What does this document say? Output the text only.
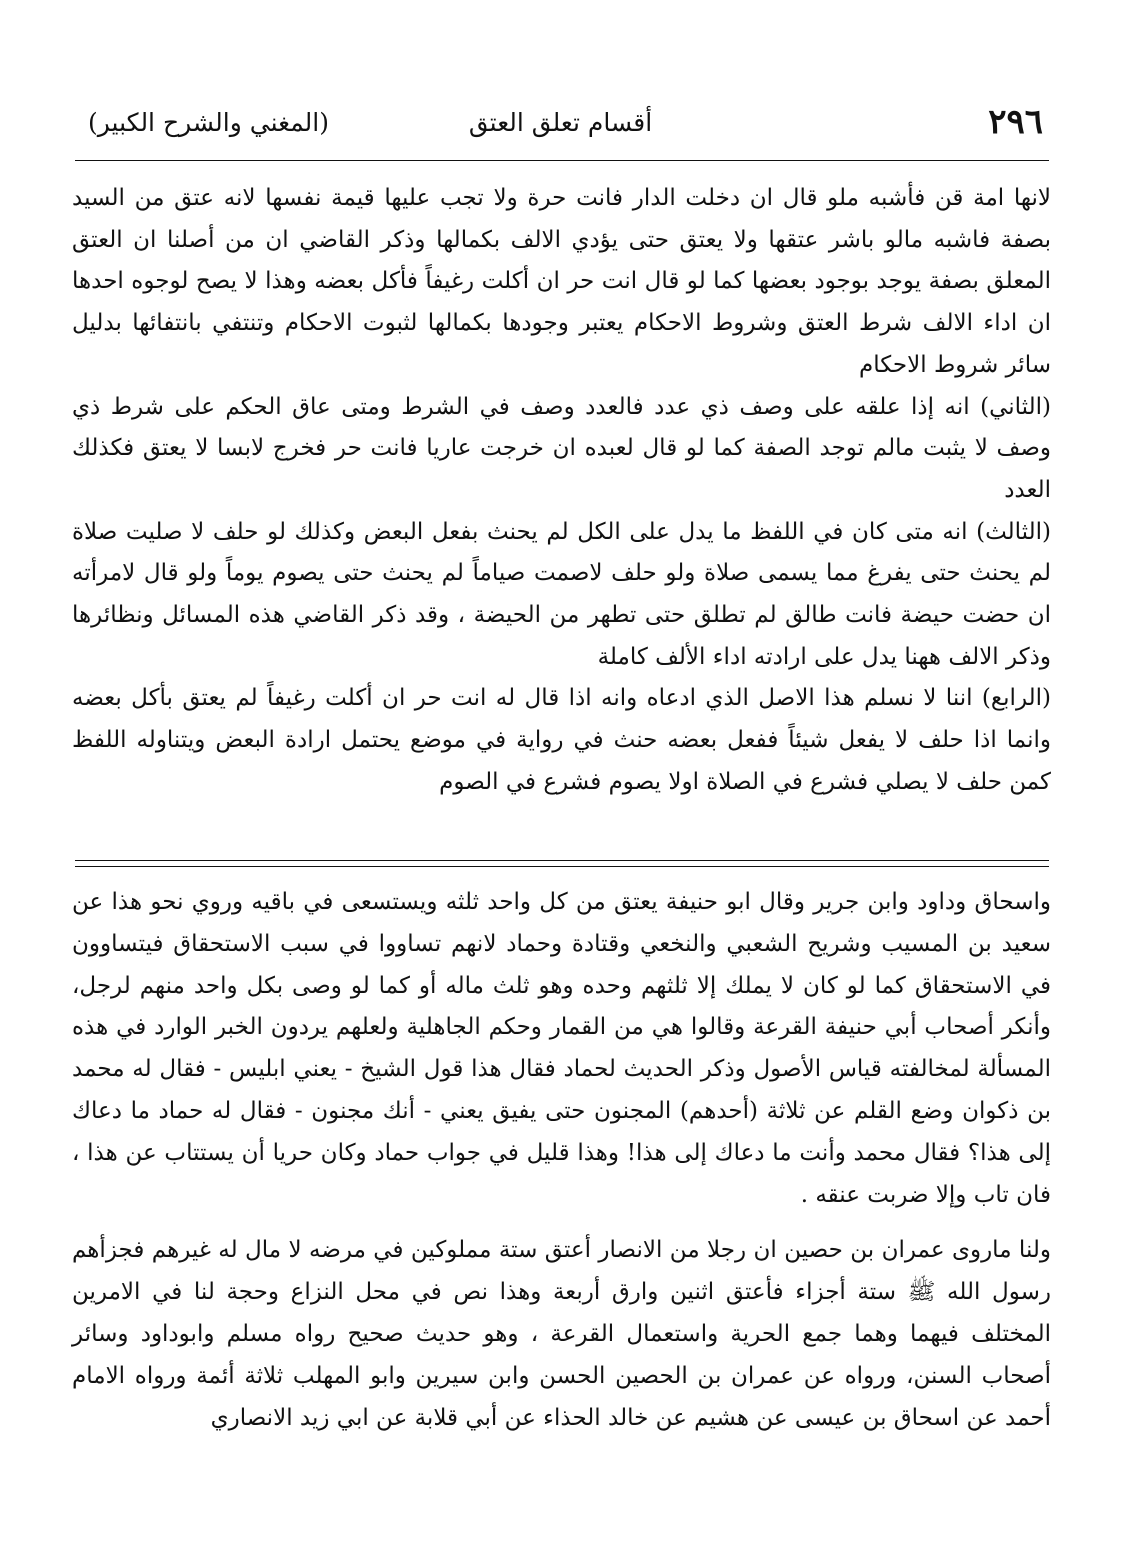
٢٩٦
أقسام تعلق العتق
(المغني والشرح الكبير)

لانها امة قن فأشبه ملو قال ان دخلت الدار فانت حرة ولا تجب عليها قيمة نفسها لانه عتق من السيد بصفة فاشبه مالو باشر عتقها ولا يعتق حتى يؤدي الالف بكمالها وذكر القاضي ان من أصلنا ان العتق المعلق بصفة يوجد بوجود بعضها كما لو قال انت حر ان أكلت رغيفاً فأكل بعضه وهذا لا يصح لوجوه احدها ان اداء الالف شرط العتق وشروط الاحكام يعتبر وجودها بكمالها لثبوت الاحكام وتنتفي بانتفائها بدليل سائر شروط الاحكام

(الثاني) انه إذا علقه على وصف ذي عدد فالعدد وصف في الشرط ومتى عاق الحكم على شرط ذي وصف لا يثبت مالم توجد الصفة كما لو قال لعبده ان خرجت عاريا فانت حر فخرج لابسا لا يعتق فكذلك العدد

(الثالث) انه متى كان في اللفظ ما يدل على الكل لم يحنث بفعل البعض وكذلك لو حلف لا صليت صلاة لم يحنث حتى يفرغ مما يسمى صلاة ولو حلف لاصمت صياماً لم يحنث حتى يصوم يوماً ولو قال لامرأته ان حضت حيضة فانت طالق لم تطلق حتى تطهر من الحيضة ، وقد ذكر القاضي هذه المسائل ونظائرها وذكر الالف ههنا يدل على ارادته اداء الألف كاملة

(الرابع) اننا لا نسلم هذا الاصل الذي ادعاه وانه اذا قال له انت حر ان أكلت رغيفاً لم يعتق بأكل بعضه وانما اذا حلف لا يفعل شيئاً ففعل بعضه حنث في رواية في موضع يحتمل ارادة البعض ويتناوله اللفظ كمن حلف لا يصلي فشرع في الصلاة اولا يصوم فشرع في الصوم

واسحاق وداود وابن جرير وقال ابو حنيفة يعتق من كل واحد ثلثه ويستسعى في باقيه وروي نحو هذا عن سعيد بن المسيب وشريح الشعبي والنخعي وقتادة وحماد لانهم تساووا في سبب الاستحقاق فيتساوون في الاستحقاق كما لو كان لا يملك إلا ثلثهم وحده وهو ثلث ماله أو كما لو وصى بكل واحد منهم لرجل، وأنكر أصحاب أبي حنيفة القرعة وقالوا هي من القمار وحكم الجاهلية ولعلهم يردون الخبر الوارد في هذه المسألة لمخالفته قياس الأصول وذكر الحديث لحماد فقال هذا قول الشيخ - يعني ابليس - فقال له محمد بن ذكوان وضع القلم عن ثلاثة (أحدهم) المجنون حتى يفيق يعني - أنك مجنون - فقال له حماد ما دعاك إلى هذا؟ فقال محمد وأنت ما دعاك إلى هذا! وهذا قليل في جواب حماد وكان حريا أن يستتاب عن هذا ، فان تاب وإلا ضربت عنقه .

ولنا ماروى عمران بن حصين ان رجلا من الانصار أعتق ستة مملوكين في مرضه لا مال له غيرهم فجزأهم رسول الله ﷺ ستة أجزاء فأعتق اثنين وارق أربعة وهذا نص في محل النزاع وحجة لنا في الامرين المختلف فيهما وهما جمع الحرية واستعمال القرعة ، وهو حديث صحيح رواه مسلم وابوداود وسائر أصحاب السنن، ورواه عن عمران بن الحصين الحسن وابن سيرين وابو المهلب ثلاثة أئمة ورواه الامام أحمد عن اسحاق بن عيسى عن هشيم عن خالد الحذاء عن أبي قلابة عن ابي زيد الانصاري
